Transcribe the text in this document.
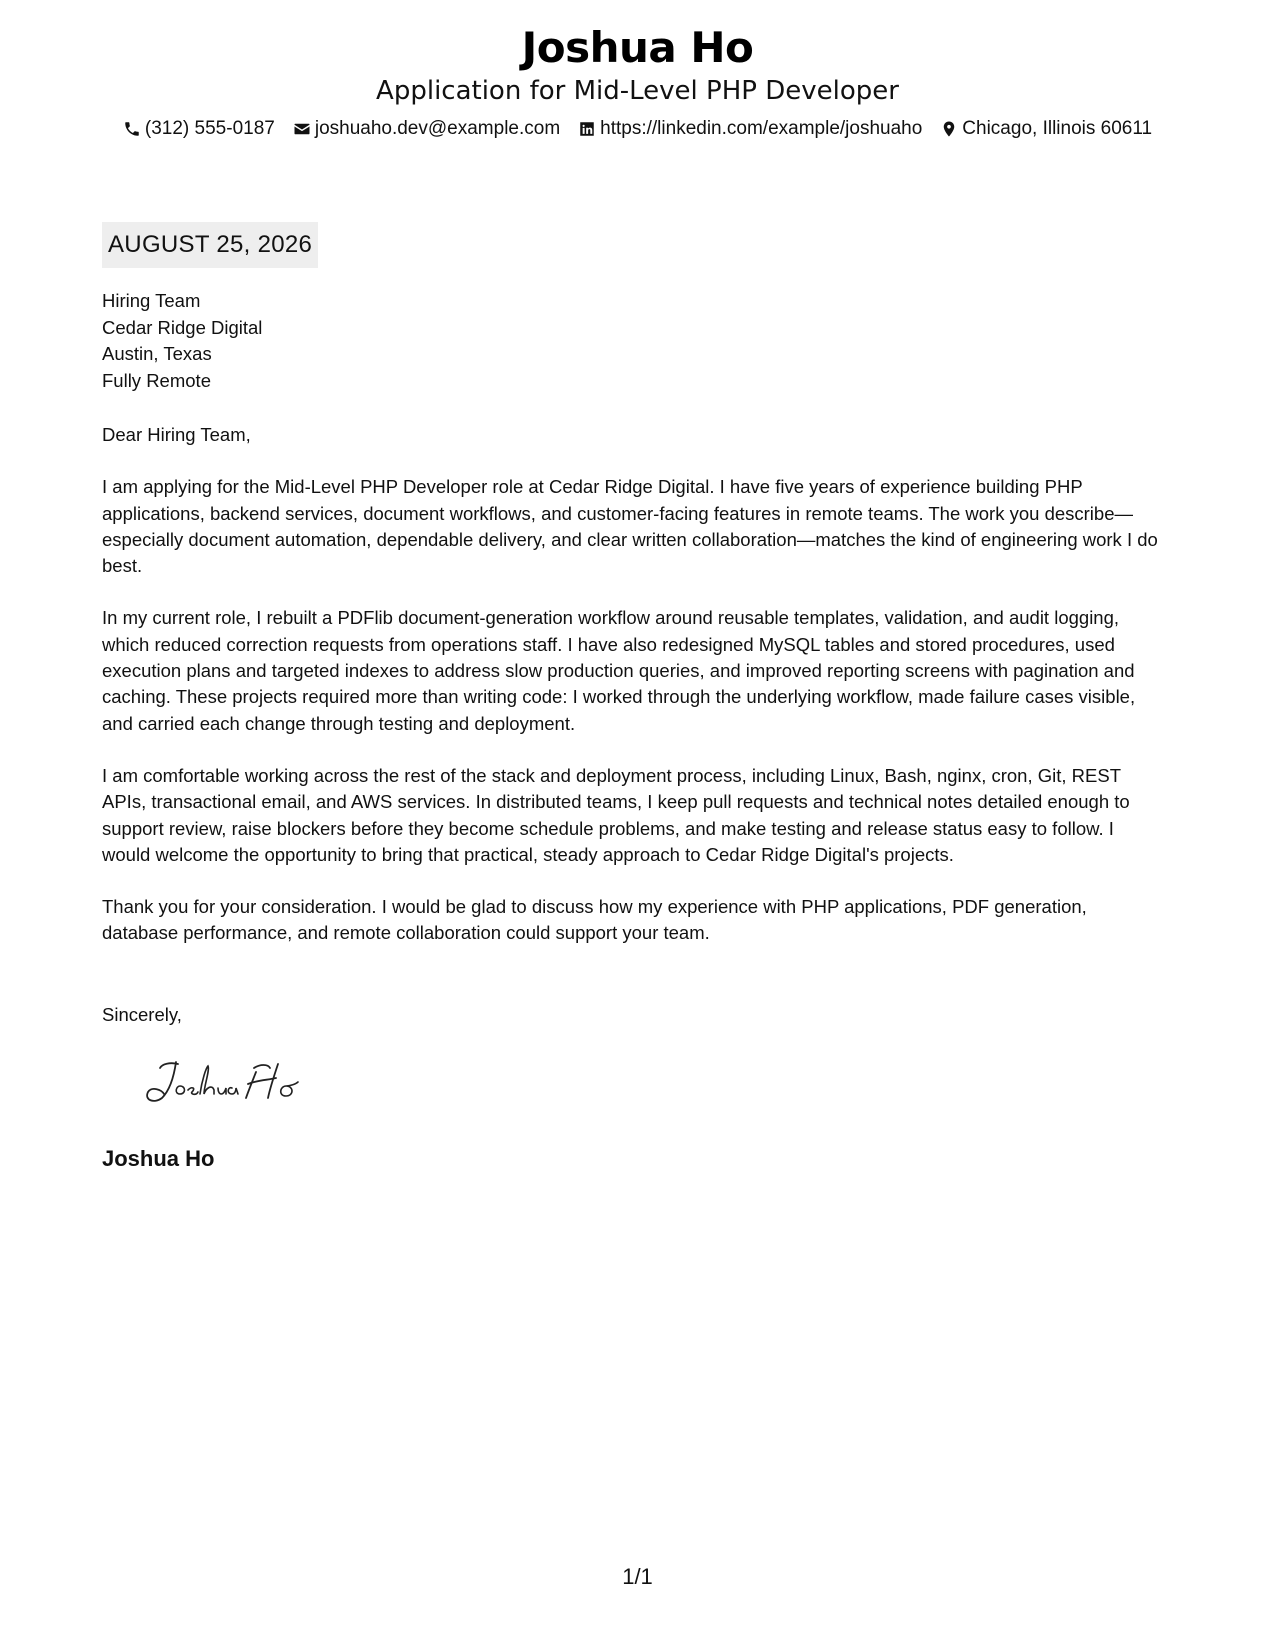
Joshua Ho
Application for Mid-Level PHP Developer
(312) 555-0187 joshuaho.dev@example.com https://linkedin.com/example/joshuaho Chicago, Illinois 60611
AUGUST 25, 2026
Hiring Team
Cedar Ridge Digital
Austin, Texas
Fully Remote

Dear Hiring Team,

I am applying for the Mid-Level PHP Developer role at Cedar Ridge Digital. I have five years of experience building PHP applications, backend services, document workflows, and customer-facing features in remote teams. The work you describe—especially document automation, dependable delivery, and clear written collaboration—matches the kind of engineering work I do best.

In my current role, I rebuilt a PDFlib document-generation workflow around reusable templates, validation, and audit logging, which reduced correction requests from operations staff. I have also redesigned MySQL tables and stored procedures, used execution plans and targeted indexes to address slow production queries, and improved reporting screens with pagination and caching. These projects required more than writing code: I worked through the underlying workflow, made failure cases visible, and carried each change through testing and deployment.

I am comfortable working across the rest of the stack and deployment process, including Linux, Bash, nginx, cron, Git, REST APIs, transactional email, and AWS services. In distributed teams, I keep pull requests and technical notes detailed enough to support review, raise blockers before they become schedule problems, and make testing and release status easy to follow. I would welcome the opportunity to bring that practical, steady approach to Cedar Ridge Digital's projects.

Thank you for your consideration. I would be glad to discuss how my experience with PHP applications, PDF generation, database performance, and remote collaboration could support your team.

Sincerely,
Joshua Ho
1/1
